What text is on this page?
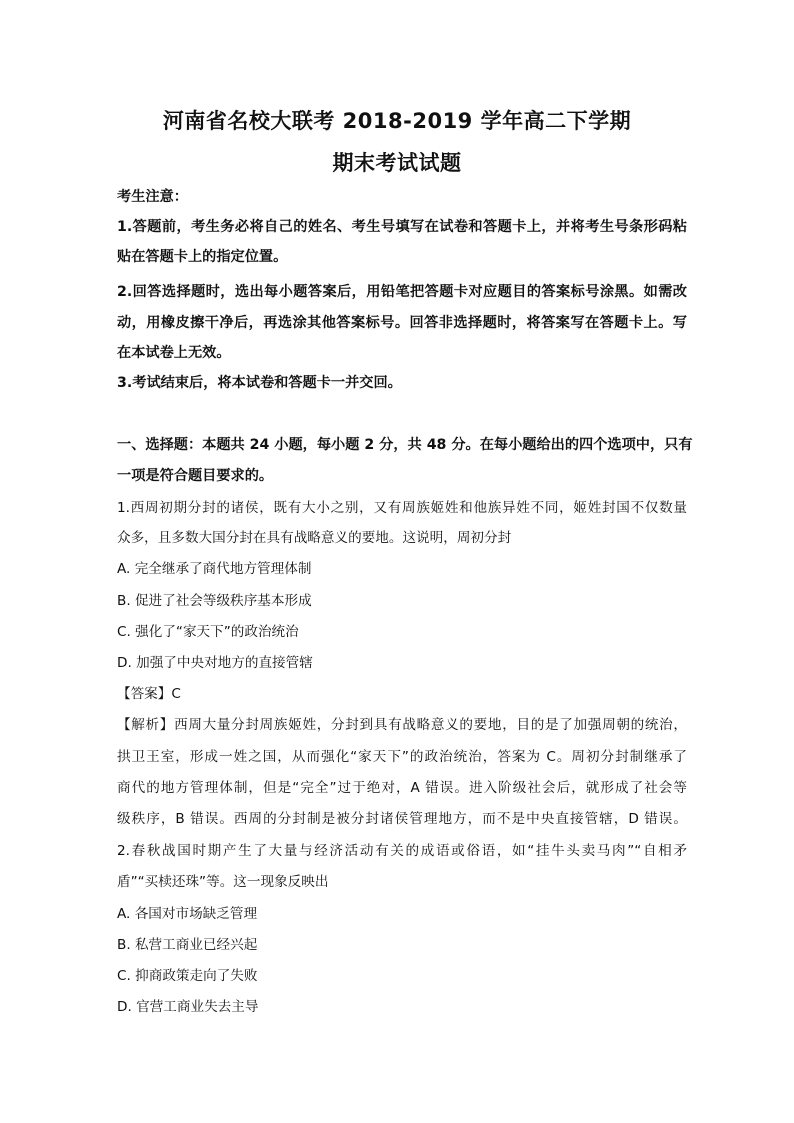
河南省名校大联考 2018-2019 学年高二下学期
期末考试试题
考生注意：
1.答题前，考生务必将自己的姓名、考生号填写在试卷和答题卡上，并将考生号条形码粘
贴在答题卡上的指定位置。
2.回答选择题时，选出每小题答案后，用铅笔把答题卡对应题目的答案标号涂黑。如需改
动，用橡皮擦干净后，再选涂其他答案标号。回答非选择题时，将答案写在答题卡上。写
在本试卷上无效。
3.考试结束后，将本试卷和答题卡一并交回。
一、选择题：本题共 24 小题，每小题 2 分，共 48 分。在每小题给出的四个选项中，只有
一项是符合题目要求的。
1.西周初期分封的诸侯，既有大小之别，又有周族姬姓和他族异姓不同，姬姓封国不仅数量
众多，且多数大国分封在具有战略意义的要地。这说明，周初分封
A. 完全继承了商代地方管理体制
B. 促进了社会等级秩序基本形成
C. 强化了“家天下”的政治统治
D. 加强了中央对地方的直接管辖
【答案】C
【解析】西周大量分封周族姬姓，分封到具有战略意义的要地，目的是了加强周朝的统治，
拱卫王室，形成一姓之国，从而强化“家天下”的政治统治，答案为 C。周初分封制继承了
商代的地方管理体制，但是“完全”过于绝对，A 错误。进入阶级社会后，就形成了社会等
级秩序，B 错误。西周的分封制是被分封诸侯管理地方，而不是中央直接管辖，D 错误。
2.春秋战国时期产生了大量与经济活动有关的成语或俗语，如“挂牛头卖马肉”“自相矛
盾”“买椟还珠”等。这一现象反映出
A. 各国对市场缺乏管理
B. 私营工商业已经兴起
C. 抑商政策走向了失败
D. 官营工商业失去主导
